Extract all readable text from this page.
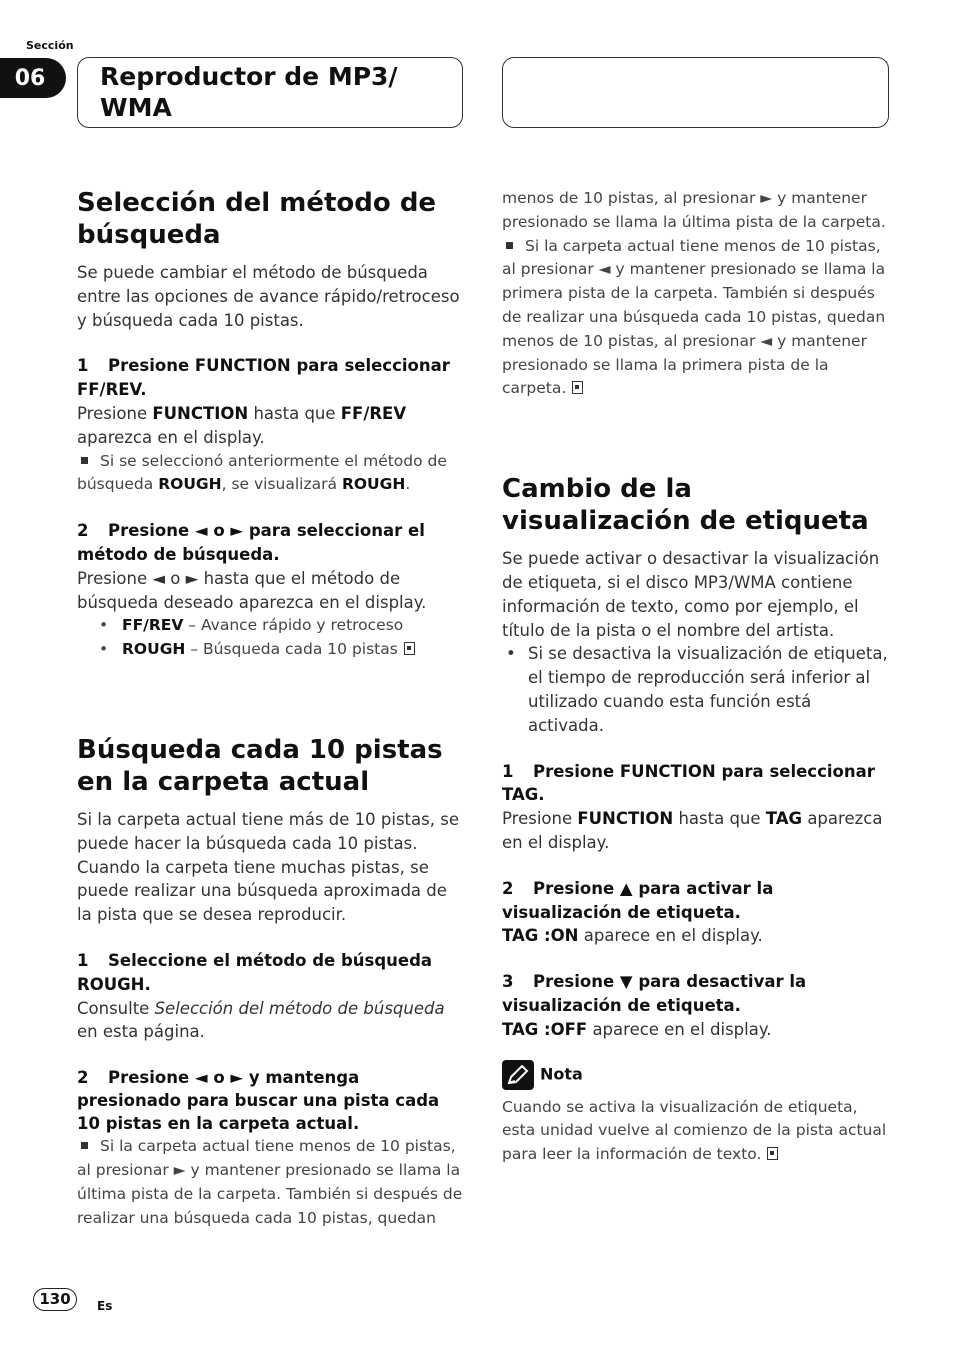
Sección
06	Reproductor de MP3/ WMA
Selección del método de búsqueda

Se puede cambiar el método de búsqueda entre las opciones de avance rápido/retroceso y búsqueda cada 10 pistas.

1 Presione FUNCTION para seleccionar FF/REV.

Presione FUNCTION hasta que FF/REV aparezca en el display.

Si se seleccionó anteriormente el método de búsqueda ROUGH, se visualizará ROUGH.

2 Presione ◄ o ► para seleccionar el método de búsqueda.

Presione ◄ o ► hasta que el método de búsqueda deseado aparezca en el display.

• FF/REV – Avance rápido y retroceso

• ROUGH – Búsqueda cada 10 pistas

Búsqueda cada 10 pistas en la carpeta actual

Si la carpeta actual tiene más de 10 pistas, se puede hacer la búsqueda cada 10 pistas. Cuando la carpeta tiene muchas pistas, se puede realizar una búsqueda aproximada de la pista que se desea reproducir.

1 Seleccione el método de búsqueda ROUGH.

Consulte Selección del método de búsqueda en esta página.

2 Presione ◄ o ► y mantenga presionado para buscar una pista cada 10 pistas en la carpeta actual.

Si la carpeta actual tiene menos de 10 pistas, al presionar ► y mantener presionado se llama la última pista de la carpeta. También si después de realizar una búsqueda cada 10 pistas, quedan

menos de 10 pistas, al presionar ► y mantener presionado se llama la última pista de la carpeta.

Si la carpeta actual tiene menos de 10 pistas, al presionar ◄ y mantener presionado se llama la primera pista de la carpeta. También si después de realizar una búsqueda cada 10 pistas, quedan menos de 10 pistas, al presionar ◄ y mantener presionado se llama la primera pista de la carpeta.

Cambio de la visualización de etiqueta

Se puede activar o desactivar la visualización de etiqueta, si el disco MP3/WMA contiene información de texto, como por ejemplo, el título de la pista o el nombre del artista.

• Si se desactiva la visualización de etiqueta, el tiempo de reproducción será inferior al utilizado cuando esta función está activada.

1 Presione FUNCTION para seleccionar TAG.

Presione FUNCTION hasta que TAG aparezca en el display.

2 Presione ▲ para activar la visualización de etiqueta.

TAG :ON aparece en el display.

3 Presione ▼ para desactivar la visualización de etiqueta.

TAG :OFF aparece en el display.

Nota

Cuando se activa la visualización de etiqueta, esta unidad vuelve al comienzo de la pista actual para leer la información de texto.

130	Es
